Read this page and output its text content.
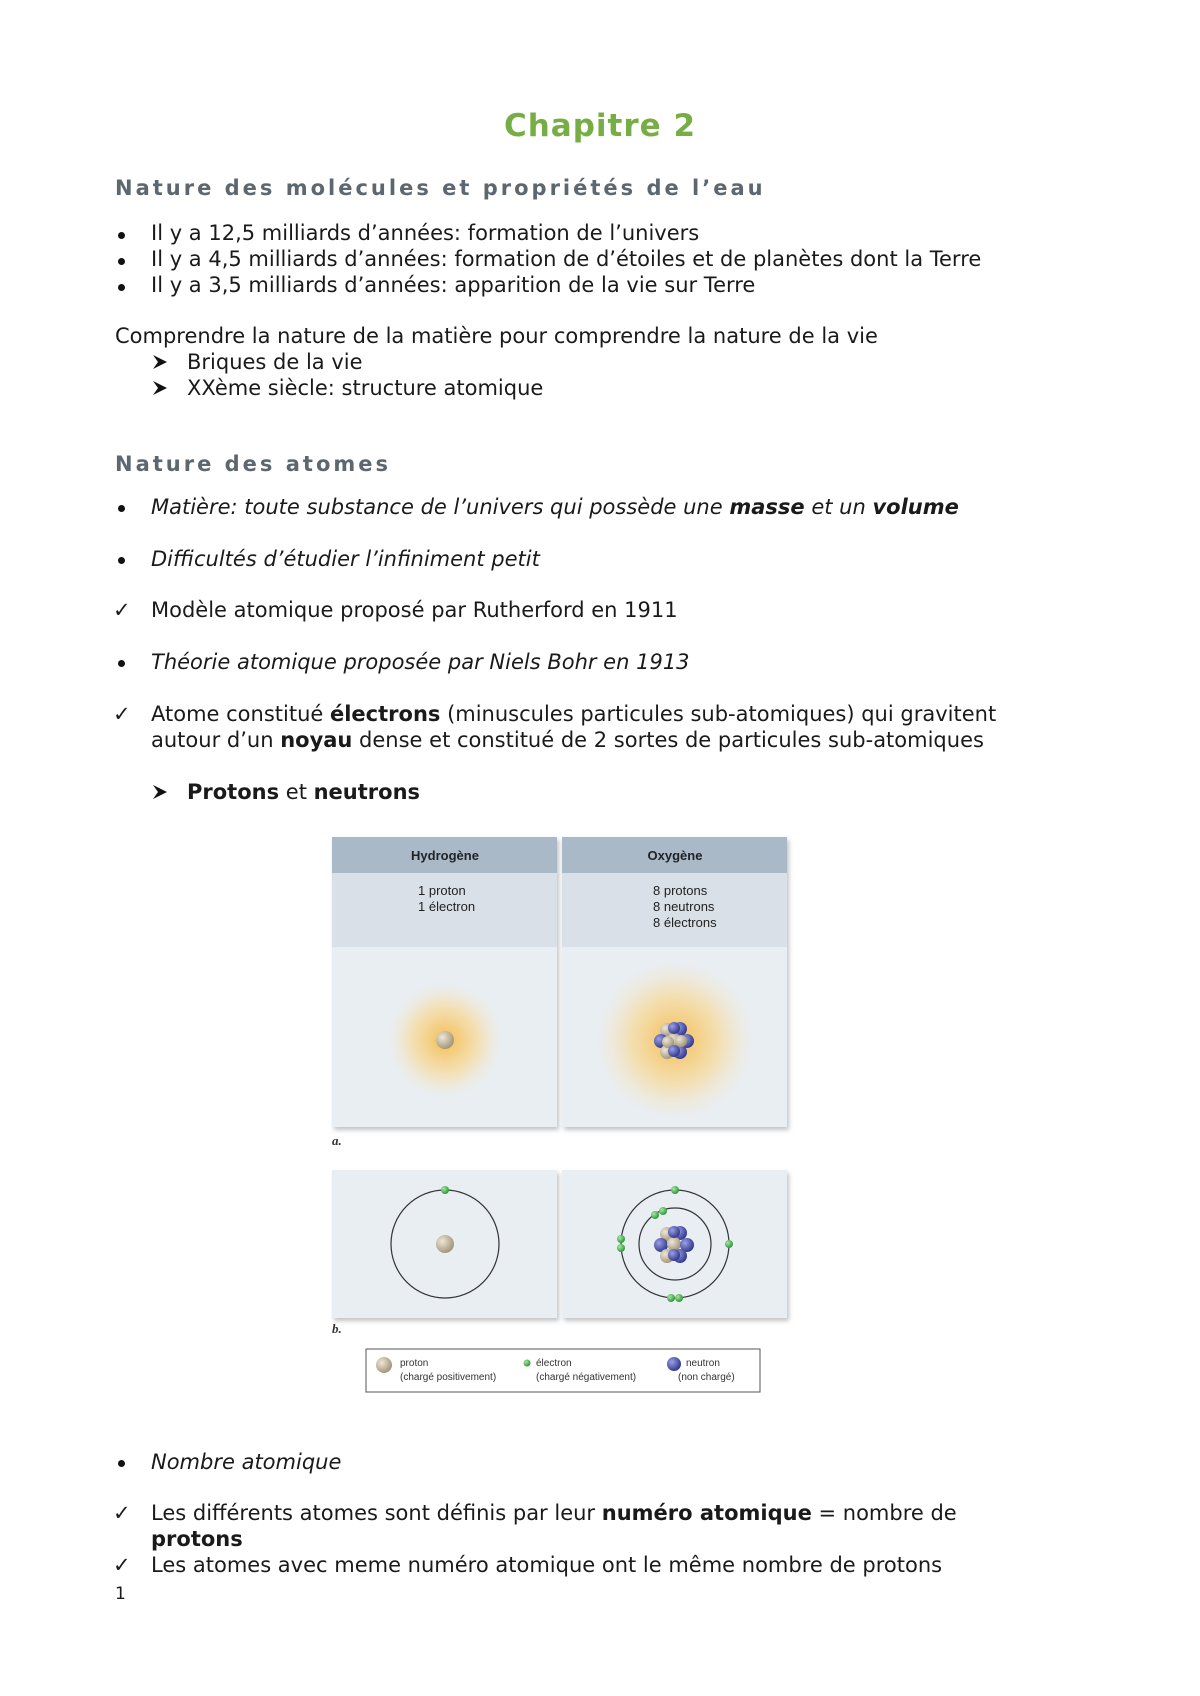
Chapitre 2
Nature des molécules et propriétés de l’eau
Il y a 12,5 milliards d’années: formation de l’univers
Il y a 4,5 milliards d’années: formation de d’étoiles et de planètes dont la Terre
Il y a 3,5 milliards d’années: apparition de la vie sur Terre
Comprendre la nature de la matière pour comprendre la nature de la vie
Briques de la vie
XXème siècle: structure atomique
Nature des atomes
Matière: toute substance de l’univers qui possède une masse et un volume
Difficultés d’étudier l’infiniment petit
✓ Modèle atomique proposé par Rutherford en 1911
Théorie atomique proposée par Niels Bohr en 1913
✓ Atome constitué électrons (minuscules particules sub-atomiques) qui gravitent
autour d’un noyau dense et constitué de 2 sortes de particules sub-atomiques
Protons et neutrons
Hydrogène	Oxygène
1 proton
1 électron
8 protons
8 neutrons
8 électrons
a.
b.
proton
(chargé positivement)
électron
(chargé négativement)
neutron
(non chargé)
Nombre atomique
✓ Les différents atomes sont définis par leur numéro atomique = nombre de
protons
✓ Les atomes avec meme numéro atomique ont le même nombre de protons
1
